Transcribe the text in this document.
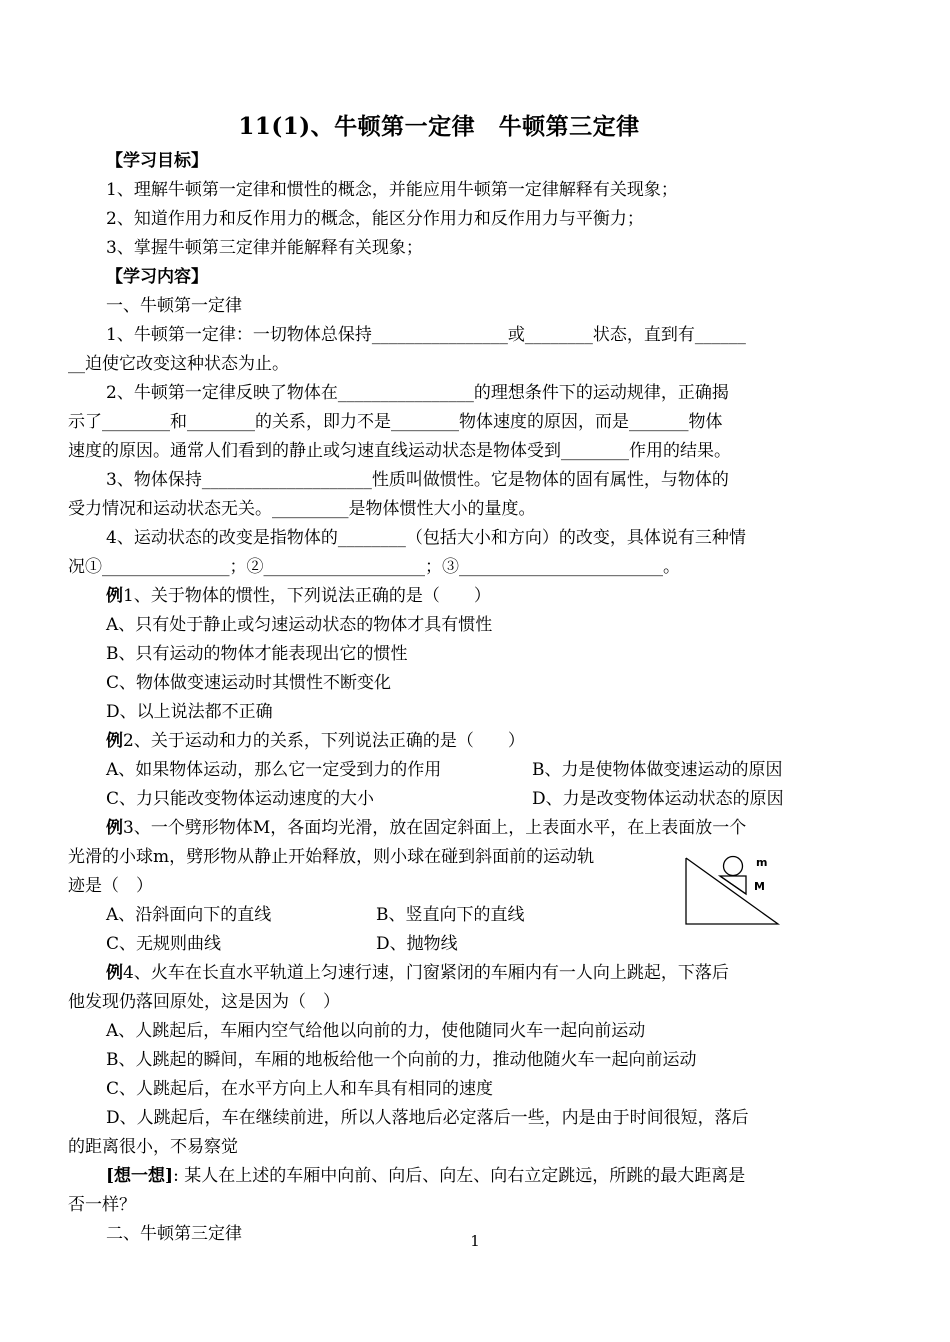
11(1)、牛顿第一定律　牛顿第三定律
【学习目标】
1、理解牛顿第一定律和惯性的概念，并能应用牛顿第一定律解释有关现象；
2、知道作用力和反作用力的概念，能区分作用力和反作用力与平衡力；
3、掌握牛顿第三定律并能解释有关现象；
【学习内容】
一、牛顿第一定律
1、牛顿第一定律：一切物体总保持________________或________状态，直到有______
__迫使它改变这种状态为止。
2、牛顿第一定律反映了物体在________________的理想条件下的运动规律，正确揭
示了________和________的关系，即力不是________物体速度的原因，而是_______物体
速度的原因。通常人们看到的静止或匀速直线运动状态是物体受到________作用的结果。
3、物体保持____________________性质叫做惯性。它是物体的固有属性，与物体的
受力情况和运动状态无关。_________是物体惯性大小的量度。
4、运动状态的改变是指物体的________（包括大小和方向）的改变，具体说有三种情
况①_______________；②___________________；③________________________。
例1、关于物体的惯性，下列说法正确的是（　　）
A、只有处于静止或匀速运动状态的物体才具有惯性
B、只有运动的物体才能表现出它的惯性
C、物体做变速运动时其惯性不断变化
D、以上说法都不正确
例2、关于运动和力的关系，下列说法正确的是（　　）
A、如果物体运动，那么它一定受到力的作用	B、力是使物体做变速运动的原因
C、力只能改变物体运动速度的大小	D、力是改变物体运动状态的原因
例3、一个劈形物体M，各面均光滑，放在固定斜面上，上表面水平，在上表面放一个
光滑的小球m，劈形物从静止开始释放，则小球在碰到斜面前的运动轨
迹是（　）
A、沿斜面向下的直线	B、竖直向下的直线
C、无规则曲线	D、抛物线
例4、火车在长直水平轨道上匀速行速，门窗紧闭的车厢内有一人向上跳起，下落后
他发现仍落回原处，这是因为（　）
A、人跳起后，车厢内空气给他以向前的力，使他随同火车一起向前运动
B、人跳起的瞬间，车厢的地板给他一个向前的力，推动他随火车一起向前运动
C、人跳起后，在水平方向上人和车具有相同的速度
D、人跳起后，车在继续前进，所以人落地后必定落后一些，内是由于时间很短，落后
的距离很小，不易察觉
[想一想]: 某人在上述的车厢中向前、向后、向左、向右立定跳远，所跳的最大距离是
否一样？
二、牛顿第三定律
m
M
1
